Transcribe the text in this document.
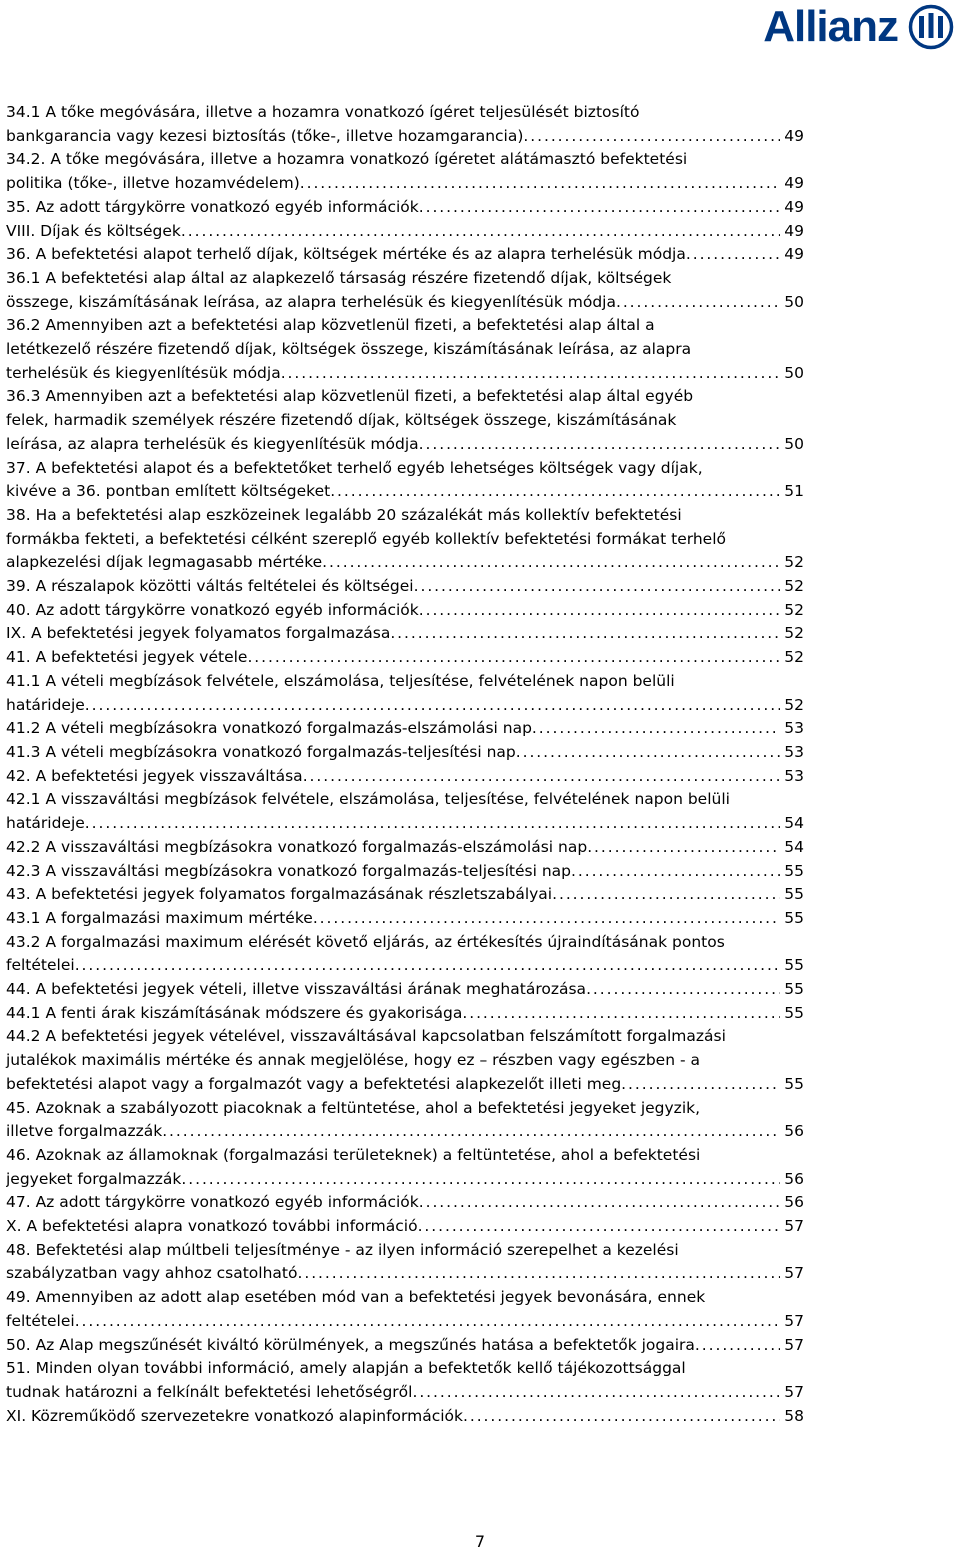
Allianz
34.1 A tőke megóvására, illetve a hozamra vonatkozó ígéret teljesülését biztosító
bankgarancia vagy kezesi biztosítás (tőke-, illetve hozamgarancia) . . .	49
34.2. A tőke megóvására, illetve a hozamra vonatkozó ígéretet alátámasztó befektetési
politika (tőke-, illetve hozamvédelem) . . .	49
35. Az adott tárgykörre vonatkozó egyéb információk . . .	49
VIII. Díjak és költségek . . .	49
36. A befektetési alapot terhelő díjak, költségek mértéke és az alapra terhelésük módja . . .	49
36.1 A befektetési alap által az alapkezelő társaság részére fizetendő díjak, költségek
összege, kiszámításának leírása, az alapra terhelésük és kiegyenlítésük módja . . .	50
36.2 Amennyiben azt a befektetési alap közvetlenül fizeti, a befektetési alap által a
letétkezelő részére fizetendő díjak, költségek összege, kiszámításának leírása, az alapra
terhelésük és kiegyenlítésük módja . . .	50
36.3 Amennyiben azt a befektetési alap közvetlenül fizeti, a befektetési alap által egyéb
felek, harmadik személyek részére fizetendő díjak, költségek összege, kiszámításának
leírása, az alapra terhelésük és kiegyenlítésük módja . . .	50
37. A befektetési alapot és a befektetőket terhelő egyéb lehetséges költségek vagy díjak,
kivéve a 36. pontban említett költségeket . . .	51
38. Ha a befektetési alap eszközeinek legalább 20 százalékát más kollektív befektetési
formákba fekteti, a befektetési célként szereplő egyéb kollektív befektetési formákat terhelő
alapkezelési díjak legmagasabb mértéke . . .	52
39. A részalapok közötti váltás feltételei és költségei . . .	52
40. Az adott tárgykörre vonatkozó egyéb információk . . .	52
IX. A befektetési jegyek folyamatos forgalmazása . . .	52
41. A befektetési jegyek vétele . . .	52
41.1 A vételi megbízások felvétele, elszámolása, teljesítése, felvételének napon belüli
határideje . . .	52
41.2 A vételi megbízásokra vonatkozó forgalmazás-elszámolási nap . . .	53
41.3 A vételi megbízásokra vonatkozó forgalmazás-teljesítési nap . . .	53
42. A befektetési jegyek visszaváltása . . .	53
42.1 A visszaváltási megbízások felvétele, elszámolása, teljesítése, felvételének napon belüli
határideje . . .	54
42.2 A visszaváltási megbízásokra vonatkozó forgalmazás-elszámolási nap . . .	54
42.3 A visszaváltási megbízásokra vonatkozó forgalmazás-teljesítési nap . . .	55
43. A befektetési jegyek folyamatos forgalmazásának részletszabályai . . .	55
43.1 A forgalmazási maximum mértéke . . .	55
43.2 A forgalmazási maximum elérését követő eljárás, az értékesítés újraindításának pontos
feltételei . . .	55
44. A befektetési jegyek vételi, illetve visszaváltási árának meghatározása . . .	55
44.1 A fenti árak kiszámításának módszere és gyakorisága . . .	55
44.2 A befektetési jegyek vételével, visszaváltásával kapcsolatban felszámított forgalmazási
jutalékok maximális mértéke és annak megjelölése, hogy ez – részben vagy egészben - a
befektetési alapot vagy a forgalmazót vagy a befektetési alapkezelőt illeti meg . . .	55
45. Azoknak a szabályozott piacoknak a feltüntetése, ahol a befektetési jegyeket jegyzik,
illetve forgalmazzák . . .	56
46. Azoknak az államoknak (forgalmazási területeknek) a feltüntetése, ahol a befektetési
jegyeket forgalmazzák . . .	56
47. Az adott tárgykörre vonatkozó egyéb információk . . .	56
X. A befektetési alapra vonatkozó további információ . . .	57
48. Befektetési alap múltbeli teljesítménye - az ilyen információ szerepelhet a kezelési
szabályzatban vagy ahhoz csatolható . . .	57
49. Amennyiben az adott alap esetében mód van a befektetési jegyek bevonására, ennek
feltételei . . .	57
50. Az Alap megszűnését kiváltó körülmények, a megszűnés hatása a befektetők jogaira . . .	57
51. Minden olyan további információ, amely alapján a befektetők kellő tájékozottsággal
tudnak határozni a felkínált befektetési lehetőségről . . .	57
XI. Közreműködő szervezetekre vonatkozó alapinformációk . . .	58
7
